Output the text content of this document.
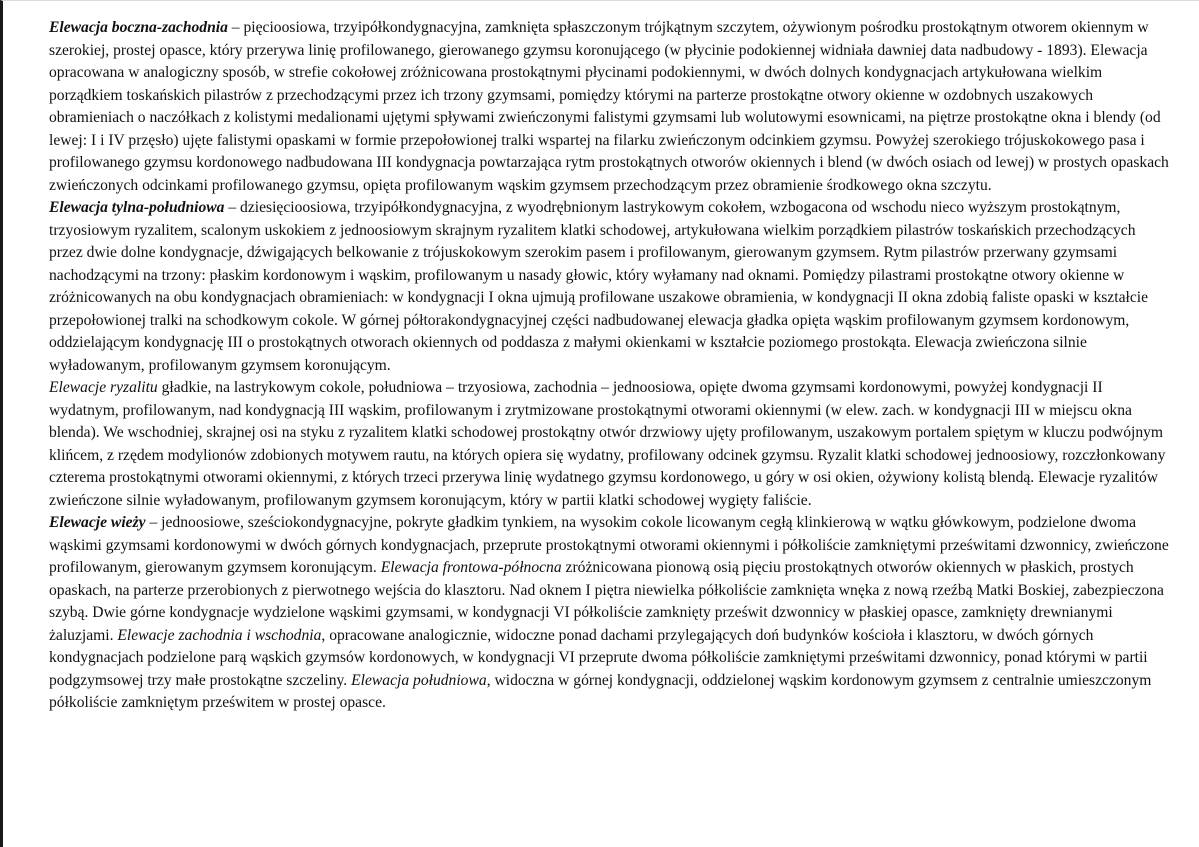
Elewacja boczna-zachodnia – pięcioosiowa, trzyipółkondygnacyjna, zamknięta spłaszczonym trójkątnym szczytem, ożywionym pośrodku prostokątnym otworem okiennym w szerokiej, prostej opasce, który przerywa linię profilowanego, gierowanego gzymsu koronującego (w płycinie podokiennej widniała dawniej data nadbudowy - 1893). Elewacja opracowana w analogiczny sposób, w strefie cokołowej zróżnicowana prostokątnymi płycinami podokiennymi, w dwóch dolnych kondygnacjach artykułowana wielkim porządkiem toskańskich pilastrów z przechodzącymi przez ich trzony gzymsami, pomiędzy którymi na parterze prostokątne otwory okienne w ozdobnych uszakowych obramieniach o naczółkach z kolistymi medalionami ujętymi spływami zwieńczonymi falistymi gzymsami lub wolutowymi esownicami, na piętrze prostokątne okna i blendy (od lewej: I i IV przęsło) ujęte falistymi opaskami w formie przepołowionej tralki wspartej na filarku zwieńczonym odcinkiem gzymsu. Powyżej szerokiego trójuskokowego pasa i profilowanego gzymsu kordonowego nadbudowana III kondygnacja powtarzająca rytm prostokątnych otworów okiennych i blend (w dwóch osiach od lewej) w prostych opaskach zwieńczonych odcinkami profilowanego gzymsu, opięta profilowanym wąskim gzymsem przechodzącym przez obramienie środkowego okna szczytu.

Elewacja tylna-południowa – dziesięcioosiowa, trzyipółkondygnacyjna, z wyodrębnionym lastrykowym cokołem, wzbogacona od wschodu nieco wyższym prostokątnym, trzyosiowym ryzalitem, scalonym uskokiem z jednoosiowym skrajnym ryzalitem klatki schodowej, artykułowana wielkim porządkiem pilastrów toskańskich przechodzących przez dwie dolne kondygnacje, dźwigających belkowanie z trójuskokowym szerokim pasem i profilowanym, gierowanym gzymsem. Rytm pilastrów przerwany gzymsami nachodzącymi na trzony: płaskim kordonowym i wąskim, profilowanym u nasady głowic, który wyłamany nad oknami. Pomiędzy pilastrami prostokątne otwory okienne w zróżnicowanych na obu kondygnacjach obramieniach: w kondygnacji I okna ujmują profilowane uszakowe obramienia, w kondygnacji II okna zdobią faliste opaski w kształcie przepołowionej tralki na schodkowym cokole. W górnej półtorakondygnacyjnej części nadbudowanej elewacja gładka opięta wąskim profilowanym gzymsem kordonowym, oddzielającym kondygnację III o prostokątnych otworach okiennych od poddasza z małymi okienkami w kształcie poziomego prostokąta. Elewacja zwieńczona silnie wyładowanym, profilowanym gzymsem koronującym.

Elewacje ryzalitu gładkie, na lastrykowym cokole, południowa – trzyosiowa, zachodnia – jednoosiowa, opięte dwoma gzymsami kordonowymi, powyżej kondygnacji II wydatnym, profilowanym, nad kondygnacją III wąskim, profilowanym i zrytmizowane prostokątnymi otworami okiennymi (w elew. zach. w kondygnacji III w miejscu okna blenda). We wschodniej, skrajnej osi na styku z ryzalitem klatki schodowej prostokątny otwór drzwiowy ujęty profilowanym, uszakowym portalem spiętym w kluczu podwójnym klińcem, z rzędem modylionów zdobionych motywem rautu, na których opiera się wydatny, profilowany odcinek gzymsu. Ryzalit klatki schodowej jednoosiowy, rozczłonkowany czterema prostokątnymi otworami okiennymi, z których trzeci przerywa linię wydatnego gzymsu kordonowego, u góry w osi okien, ożywiony kolistą blendą. Elewacje ryzalitów zwieńczone silnie wyładowanym, profilowanym gzymsem koronującym, który w partii klatki schodowej wygięty faliście.

Elewacje wieży – jednoosiowe, sześciokondygnacyjne, pokryte gładkim tynkiem, na wysokim cokole licowanym cegłą klinkierową w wątku główkowym, podzielone dwoma wąskimi gzymsami kordonowymi w dwóch górnych kondygnacjach, przeprute prostokątnymi otworami okiennymi i półkoliście zamkniętymi prześwitami dzwonnicy, zwieńczone profilowanym, gierowanym gzymsem koronującym. Elewacja frontowa-północna zróżnicowana pionową osią pięciu prostokątnych otworów okiennych w płaskich, prostych opaskach, na parterze przerobionych z pierwotnego wejścia do klasztoru. Nad oknem I piętra niewielka półkoliście zamknięta wnęka z nową rzeźbą Matki Boskiej, zabezpieczona szybą. Dwie górne kondygnacje wydzielone wąskimi gzymsami, w kondygnacji VI półkoliście zamknięty prześwit dzwonnicy w płaskiej opasce, zamknięty drewnianymi żaluzjami. Elewacje zachodnia i wschodnia, opracowane analogicznie, widoczne ponad dachami przylegających doń budynków kościoła i klasztoru, w dwóch górnych kondygnacjach podzielone parą wąskich gzymsów kordonowych, w kondygnacji VI przeprute dwoma półkoliście zamkniętymi prześwitami dzwonnicy, ponad którymi w partii podgzymsowej trzy małe prostokątne szczeliny. Elewacja południowa, widoczna w górnej kondygnacji, oddzielonej wąskim kordonowym gzymsem z centralnie umieszczonym półkoliście zamkniętym prześwitem w prostej opasce.
